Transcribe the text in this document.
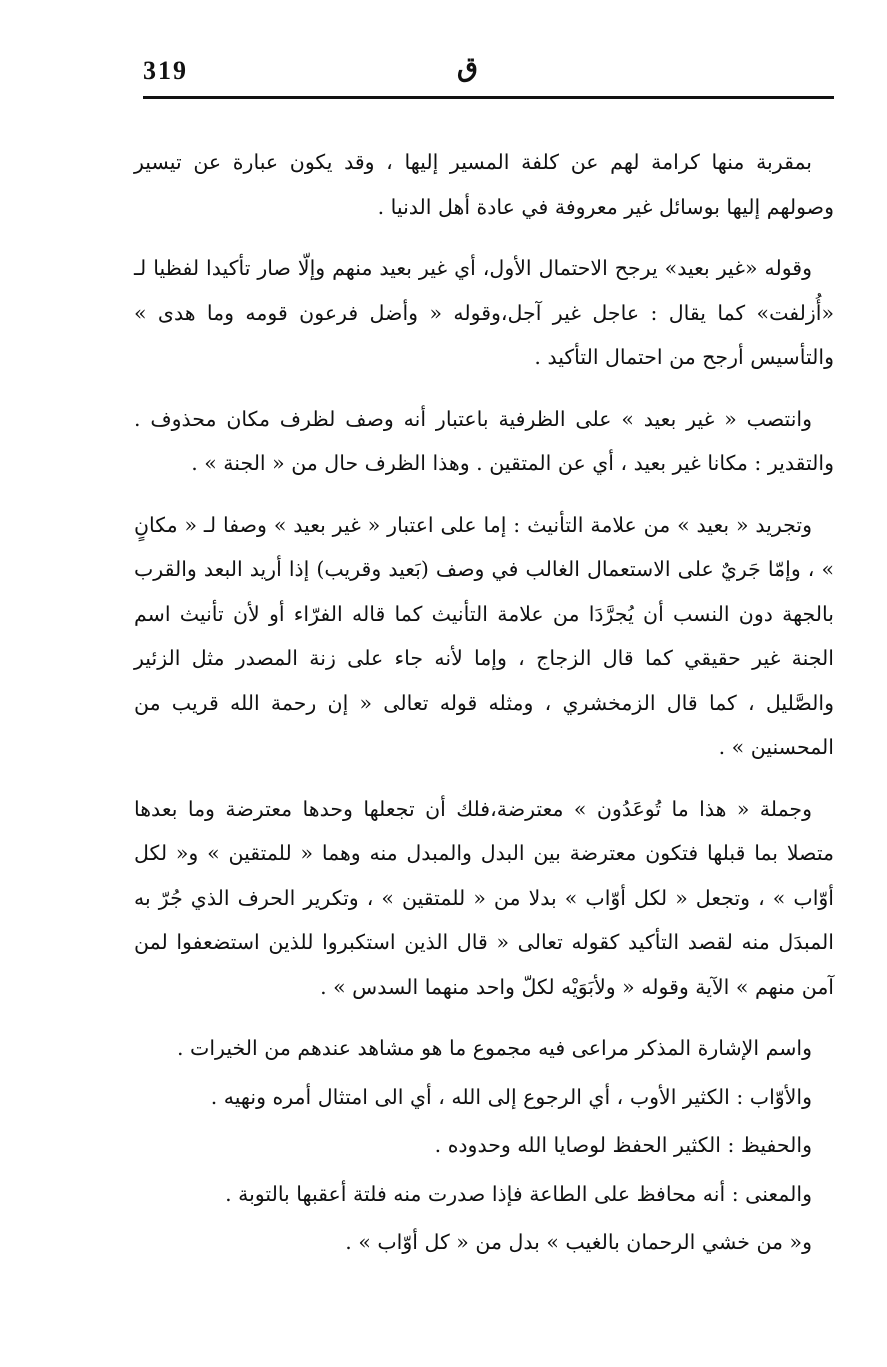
319	ق

بمقربة منها كرامة لهم عن كلفة المسير إليها ، وقد يكون عبارة عن تيسير وصولهم إليها بوسائل غير معروفة في عادة أهل الدنيا .

وقوله «غير بعيد» يرجح الاحتمال الأول، أي غير بعيد منهم وإلّا صار تأكيدا لفظيا لـ «أُزلفت» كما يقال : عاجل غير آجل،وقوله « وأضل فرعون قومه وما هدى » والتأسيس أرجح من احتمال التأكيد .

وانتصب « غير بعيد » على الظرفية باعتبار أنه وصف لظرف مكان محذوف . والتقدير : مكانا غير بعيد ، أي عن المتقين . وهذا الظرف حال من « الجنة » .

وتجريد « بعيد » من علامة التأنيث : إما على اعتبار « غير بعيد » وصفا لـ « مكانٍ » ، وإمّا جَريٌ على الاستعمال الغالب في وصف (بَعيد وقريب) إذا أريد البعد والقرب بالجهة دون النسب أن يُجرَّدَا من علامة التأنيث كما قاله الفرّاء أو لأن تأنيث اسم الجنة غير حقيقي كما قال الزجاج ، وإما لأنه جاء على زنة المصدر مثل الزئير والصَّليل ، كما قال الزمخشري ، ومثله قوله تعالى « إن رحمة الله قريب من المحسنين » .

وجملة « هذا ما تُوعَدُون » معترضة،فلك أن تجعلها وحدها معترضة وما بعدها متصلا بما قبلها فتكون معترضة بين البدل والمبدل منه وهما « للمتقين » و« لكل أوّاب » ، وتجعل « لكل أوّاب » بدلا من « للمتقين » ، وتكرير الحرف الذي جُرّ به المبدَل منه لقصد التأكيد كقوله تعالى « قال الذين استكبروا للذين استضعفوا لمن آمن منهم » الآية وقوله « ولأبَوَيْه لكلّ واحد منهما السدس » .

واسم الإشارة المذكر مراعى فيه مجموع ما هو مشاهد عندهم من الخيرات .

والأوّاب : الكثير الأوب ، أي الرجوع إلى الله ، أي الى امتثال أمره ونهيه .

والحفيظ : الكثير الحفظ لوصايا الله وحدوده .

والمعنى : أنه محافظ على الطاعة فإذا صدرت منه فلتة أعقبها بالتوبة .

و« من خشي الرحمان بالغيب » بدل من « كل أوّاب » .
